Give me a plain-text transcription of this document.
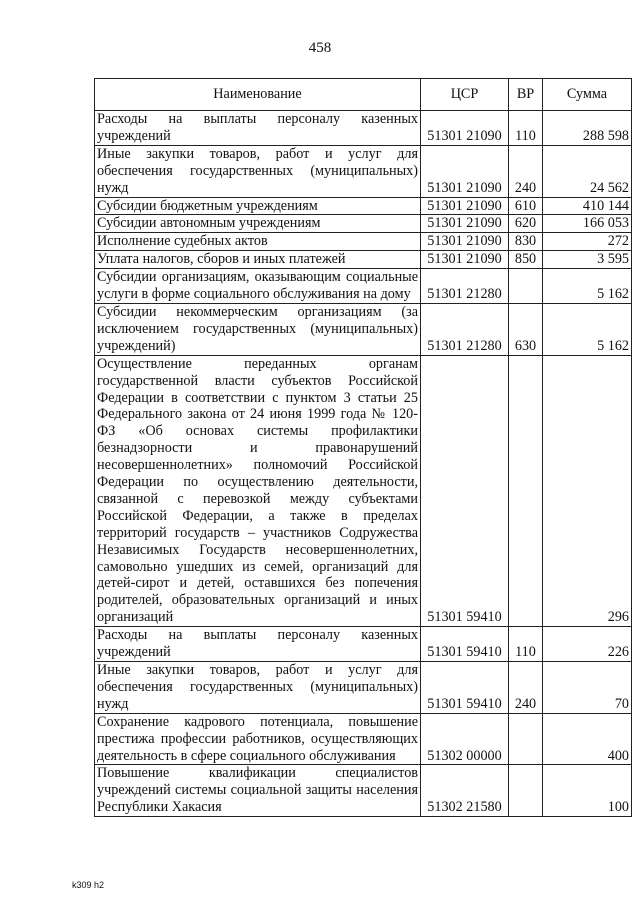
458
Наименование	ЦСР	ВР	Сумма
Расходы на выплаты персоналу казенных учреждений	51301 21090	110	288 598
Иные закупки товаров, работ и услуг для обеспечения государственных (муниципальных) нужд	51301 21090	240	24 562
Субсидии бюджетным учреждениям	51301 21090	610	410 144
Субсидии автономным учреждениям	51301 21090	620	166 053
Исполнение судебных актов	51301 21090	830	272
Уплата налогов, сборов и иных платежей	51301 21090	850	3 595
Субсидии организациям, оказывающим социальные услуги в форме социального обслуживания на дому	51301 21280		5 162
Субсидии некоммерческим организациям (за исключением государственных (муниципальных) учреждений)	51301 21280	630	5 162
Осуществление переданных органам государственной власти субъектов Российской Федерации в соответствии с пунктом 3 статьи 25 Федерального закона от 24 июня 1999 года № 120-ФЗ «Об основах системы профилактики безнадзорности и правонарушений несовершеннолетних» полномочий Российской Федерации по осуществлению деятельности, связанной с перевозкой между субъектами Российской Федерации, а также в пределах территорий государств – участников Содружества Независимых Государств несовершеннолетних, самовольно ушедших из семей, организаций для детей-сирот и детей, оставшихся без попечения родителей, образовательных организаций и иных организаций	51301 59410		296
Расходы на выплаты персоналу казенных учреждений	51301 59410	110	226
Иные закупки товаров, работ и услуг для обеспечения государственных (муниципальных) нужд	51301 59410	240	70
Сохранение кадрового потенциала, повышение престижа профессии работников, осуществляющих деятельность в сфере социального обслуживания	51302 00000		400
Повышение квалификации специалистов учреждений системы социальной защиты населения Республики Хакасия	51302 21580		100
k309 h2
